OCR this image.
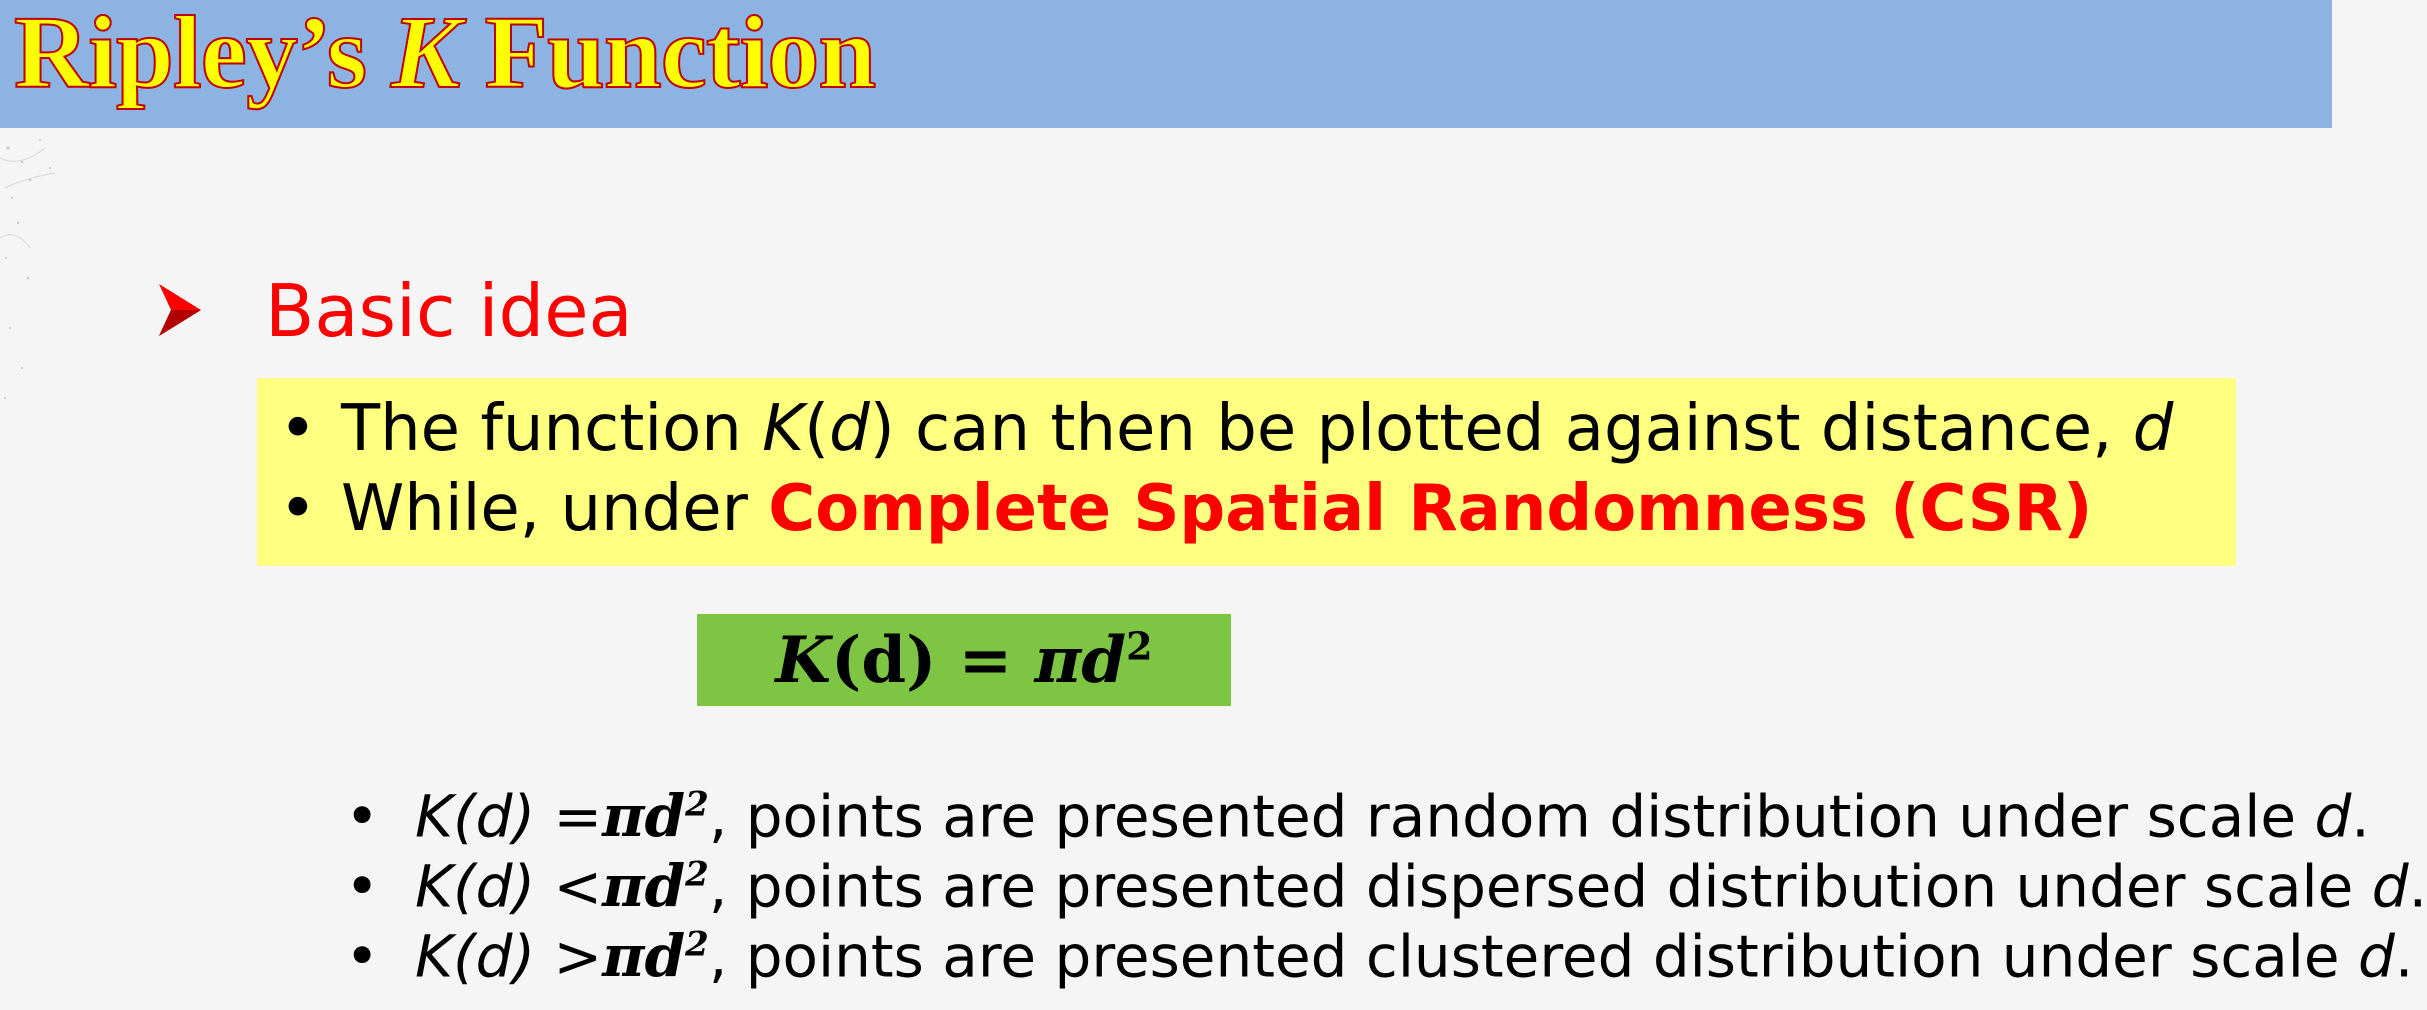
Ripley’s K Function
Basic idea
• The function K(d) can then be plotted against distance, d
• While, under Complete Spatial Randomness (CSR)
$K(d) = \pi d^2$
• $K(d) =\pi d^2$, points are presented random distribution under scale d.
• $K(d) <\pi d^2$, points are presented dispersed distribution under scale d.
• $K(d) >\pi d^2$, points are presented clustered distribution under scale d.
